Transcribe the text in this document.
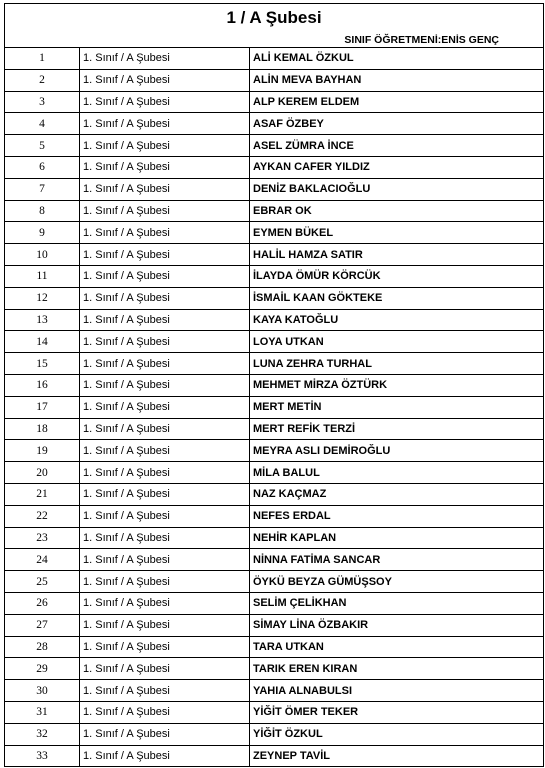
1 / A Şubesi
SINIF ÖĞRETMENİ:ENİS GENÇ
1	1. Sınıf / A Şubesi	ALİ KEMAL ÖZKUL
2	1. Sınıf / A Şubesi	ALİN MEVA BAYHAN
3	1. Sınıf / A Şubesi	ALP KEREM ELDEM
4	1. Sınıf / A Şubesi	ASAF ÖZBEY
5	1. Sınıf / A Şubesi	ASEL ZÜMRA İNCE
6	1. Sınıf / A Şubesi	AYKAN CAFER YILDIZ
7	1. Sınıf / A Şubesi	DENİZ BAKLACIOĞLU
8	1. Sınıf / A Şubesi	EBRAR OK
9	1. Sınıf / A Şubesi	EYMEN BÜKEL
10	1. Sınıf / A Şubesi	HALİL HAMZA SATIR
11	1. Sınıf / A Şubesi	İLAYDA ÖMÜR KÖRCÜK
12	1. Sınıf / A Şubesi	İSMAİL KAAN GÖKTEKE
13	1. Sınıf / A Şubesi	KAYA KATOĞLU
14	1. Sınıf / A Şubesi	LOYA UTKAN
15	1. Sınıf / A Şubesi	LUNA ZEHRA TURHAL
16	1. Sınıf / A Şubesi	MEHMET MİRZA ÖZTÜRK
17	1. Sınıf / A Şubesi	MERT METİN
18	1. Sınıf / A Şubesi	MERT REFİK TERZİ
19	1. Sınıf / A Şubesi	MEYRA ASLI DEMİROĞLU
20	1. Sınıf / A Şubesi	MİLA BALUL
21	1. Sınıf / A Şubesi	NAZ KAÇMAZ
22	1. Sınıf / A Şubesi	NEFES ERDAL
23	1. Sınıf / A Şubesi	NEHİR KAPLAN
24	1. Sınıf / A Şubesi	NİNNA FATİMA SANCAR
25	1. Sınıf / A Şubesi	ÖYKÜ BEYZA GÜMÜŞSOY
26	1. Sınıf / A Şubesi	SELİM ÇELİKHAN
27	1. Sınıf / A Şubesi	SİMAY LİNA ÖZBAKIR
28	1. Sınıf / A Şubesi	TARA UTKAN
29	1. Sınıf / A Şubesi	TARIK EREN KIRAN
30	1. Sınıf / A Şubesi	YAHIA ALNABULSI
31	1. Sınıf / A Şubesi	YİĞİT ÖMER TEKER
32	1. Sınıf / A Şubesi	YİĞİT ÖZKUL
33	1. Sınıf / A Şubesi	ZEYNEP TAVİL
